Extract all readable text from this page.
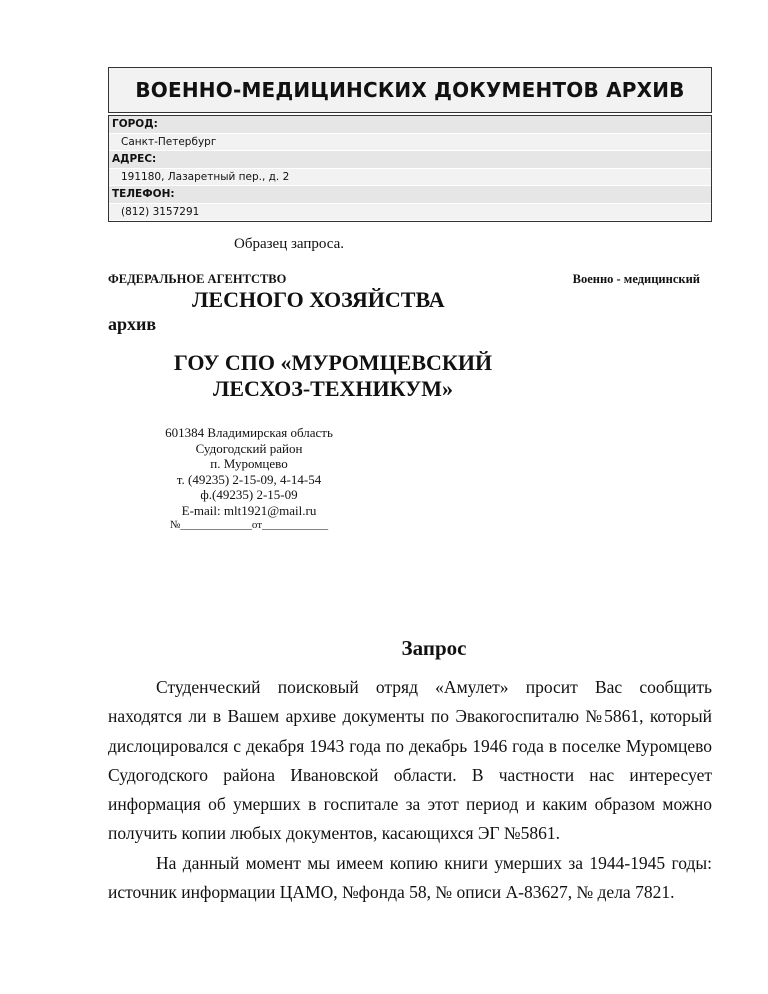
ВОЕННО-МЕДИЦИНСКИХ ДОКУМЕНТОВ АРХИВ
ГОРОД:
Санкт-Петербург
АДРЕС:
191180, Лазаретный пер., д. 2
ТЕЛЕФОН:
(812) 3157291
Образец запроса.
ФЕДЕРАЛЬНОЕ АГЕНТСТВО	Военно - медицинский
ЛЕСНОГО ХОЗЯЙСТВА
архив
ГОУ СПО «МУРОМЦЕВСКИЙ
ЛЕСХОЗ-ТЕХНИКУМ»
601384 Владимирская область
Судогодский район
п. Муромцево
т. (49235) 2-15-09, 4-14-54
ф.(49235) 2-15-09
E-mail: mlt1921@mail.ru
№_____________от____________
Запрос

Студенческий поисковый отряд «Амулет» просит Вас сообщить находятся ли в Вашем архиве документы по Эвакогоспиталю №5861, который дислоцировался с декабря 1943 года по декабрь 1946 года в поселке Муромцево Судогодского района Ивановской области. В частности нас интересует информация об умерших в госпитале за этот период и каким образом можно получить копии любых документов, касающихся ЭГ №5861.

На данный момент мы имеем копию книги умерших за 1944-1945 годы: источник информации ЦАМО, №фонда 58, № описи А-83627, № дела 7821.
